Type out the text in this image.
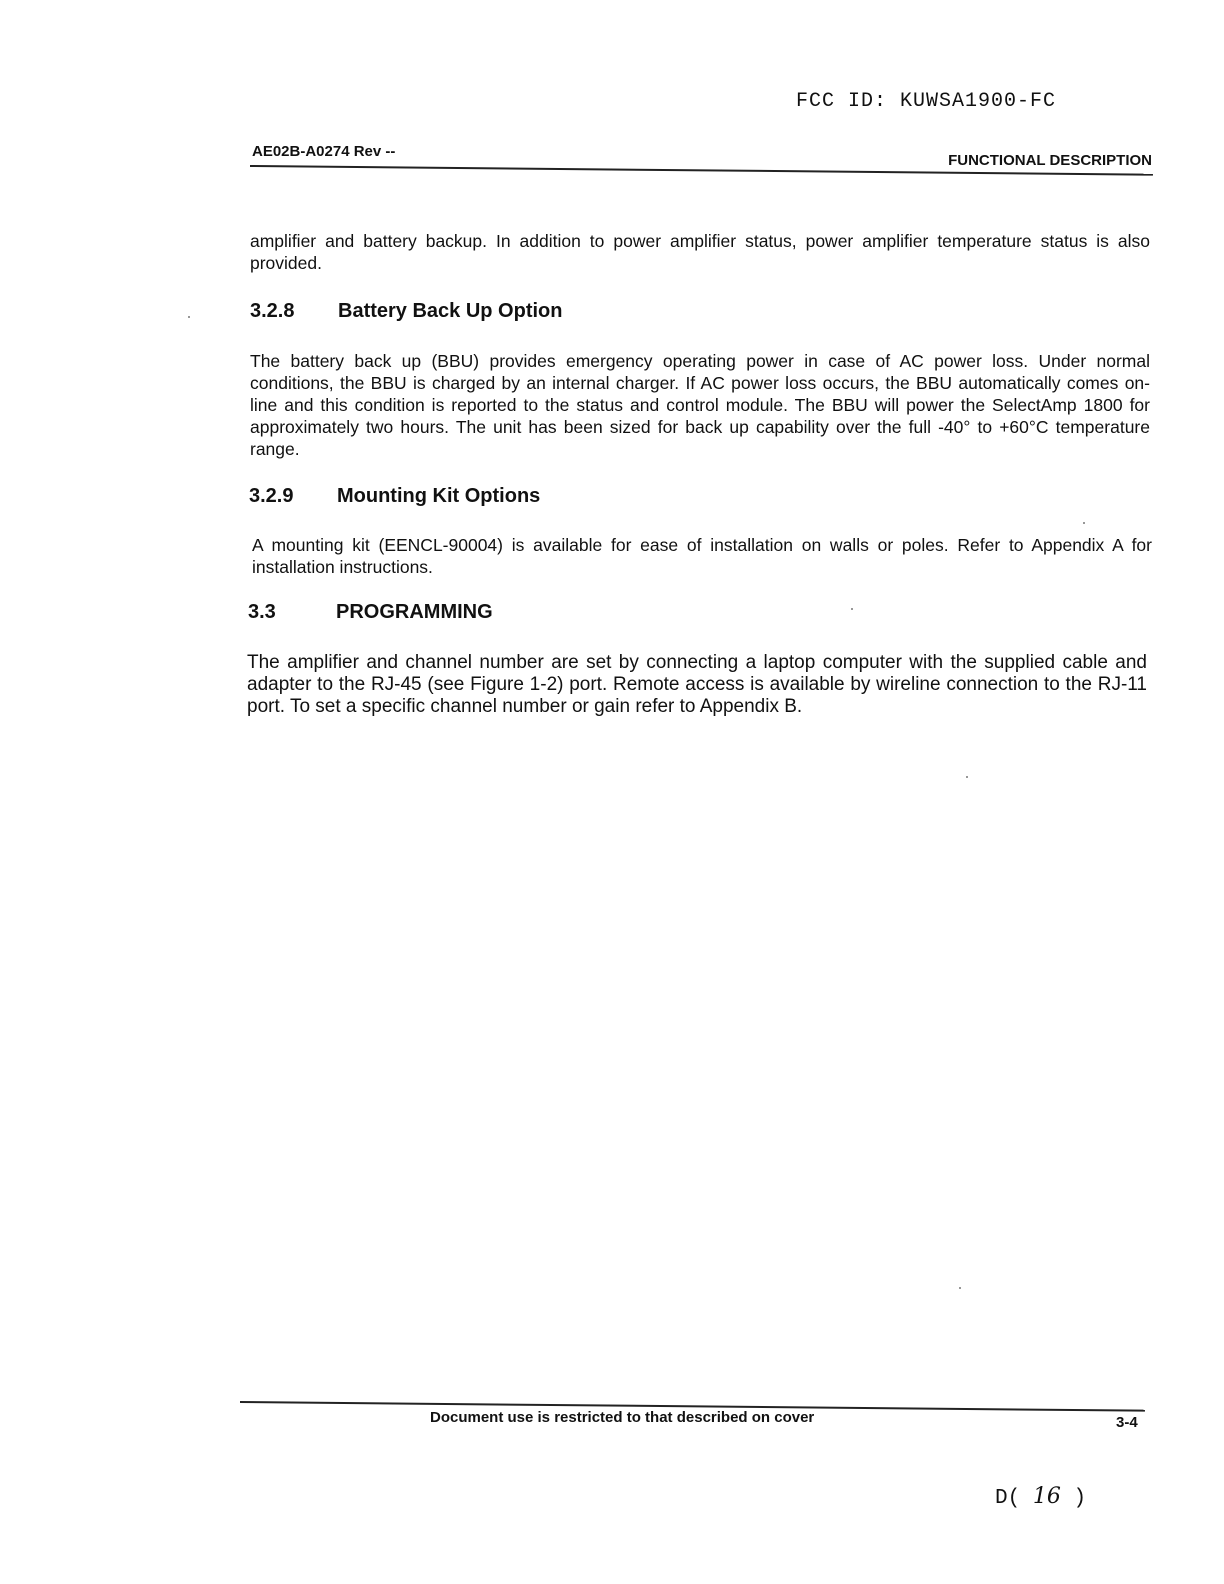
FCC ID: KUWSA1900-FC
AE02B-A0274 Rev --
FUNCTIONAL DESCRIPTION

amplifier and battery backup. In addition to power amplifier status, power amplifier temperature status is also provided.

3.2.8 Battery Back Up Option

The battery back up (BBU) provides emergency operating power in case of AC power loss. Under normal conditions, the BBU is charged by an internal charger. If AC power loss occurs, the BBU automatically comes on-line and this condition is reported to the status and control module. The BBU will power the SelectAmp 1800 for approximately two hours. The unit has been sized for back up capability over the full -40° to +60°C temperature range.

3.2.9 Mounting Kit Options

A mounting kit (EENCL-90004) is available for ease of installation on walls or poles. Refer to Appendix A for installation instructions.

3.3	PROGRAMMING

The amplifier and channel number are set by connecting a laptop computer with the supplied cable and adapter to the RJ-45 (see Figure 1-2) port. Remote access is available by wireline connection to the RJ-11 port. To set a specific channel number or gain refer to Appendix B.

Document use is restricted to that described on cover	3-4
D( 16 )
